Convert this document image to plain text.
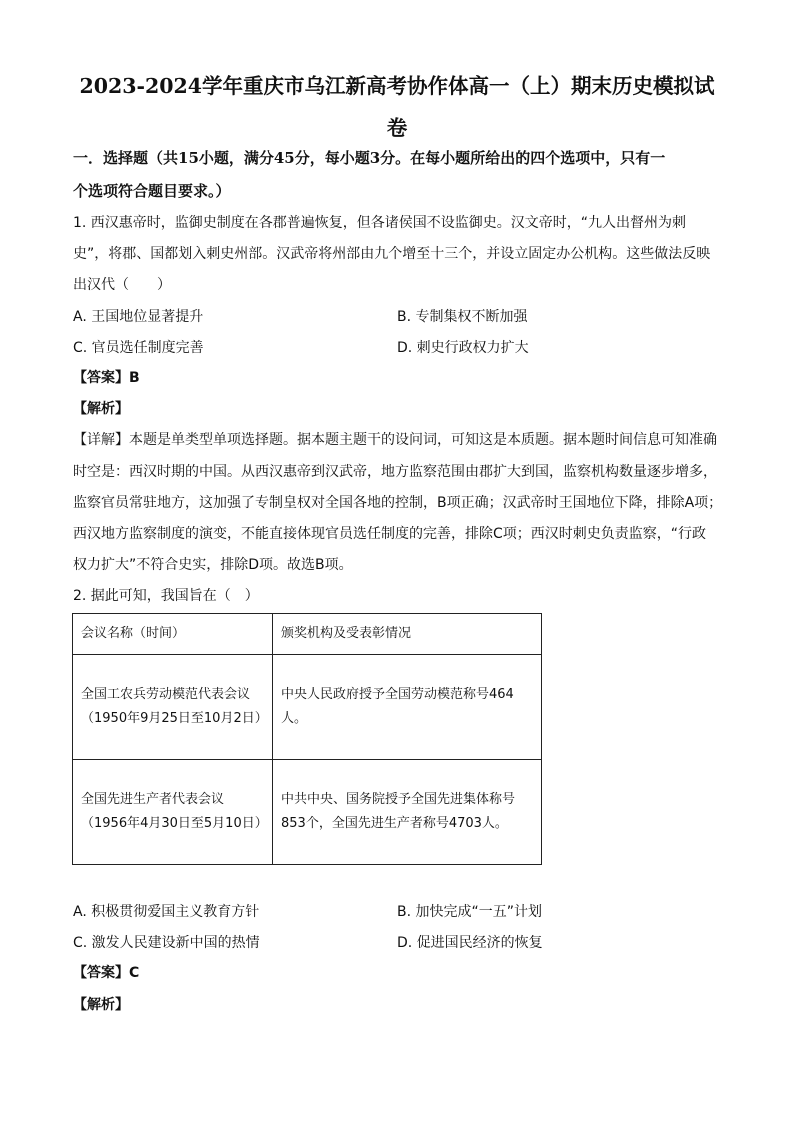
2023-2024学年重庆市乌江新高考协作体高一（上）期末历史模拟试
卷
一．选择题（共15小题，满分45分，每小题3分。在每小题所给出的四个选项中，只有一
个选项符合题目要求。）
1. 西汉惠帝时，监御史制度在各郡普遍恢复，但各诸侯国不设监御史。汉文帝时，“九人出督州为刺
史”，将郡、国都划入刺史州部。汉武帝将州部由九个增至十三个，并设立固定办公机构。这些做法反映
出汉代（　　）
A. 王国地位显著提升	B. 专制集权不断加强
C. 官员选任制度完善	D. 刺史行政权力扩大
【答案】B
【解析】
【详解】本题是单类型单项选择题。据本题主题干的设问词，可知这是本质题。据本题时间信息可知准确
时空是：西汉时期的中国。从西汉惠帝到汉武帝，地方监察范围由郡扩大到国，监察机构数量逐步增多，
监察官员常驻地方，这加强了专制皇权对全国各地的控制，B项正确；汉武帝时王国地位下降，排除A项；
西汉地方监察制度的演变，不能直接体现官员选任制度的完善，排除C项；西汉时刺史负责监察，“行政
权力扩大”不符合史实，排除D项。故选B项。
2. 据此可知，我国旨在（　）
会议名称（时间）	颁奖机构及受表彰情况

全国工农兵劳动模范代表会议（1950年9月25日至10月2日）	中央人民政府授予全国劳动模范称号464人。

全国先进生产者代表会议（1956年4月30日至5月10日）	中共中央、国务院授予全国先进集体称号853个，全国先进生产者称号4703人。
A. 积极贯彻爱国主义教育方针	B. 加快完成“一五”计划
C. 激发人民建设新中国的热情	D. 促进国民经济的恢复
【答案】C
【解析】
